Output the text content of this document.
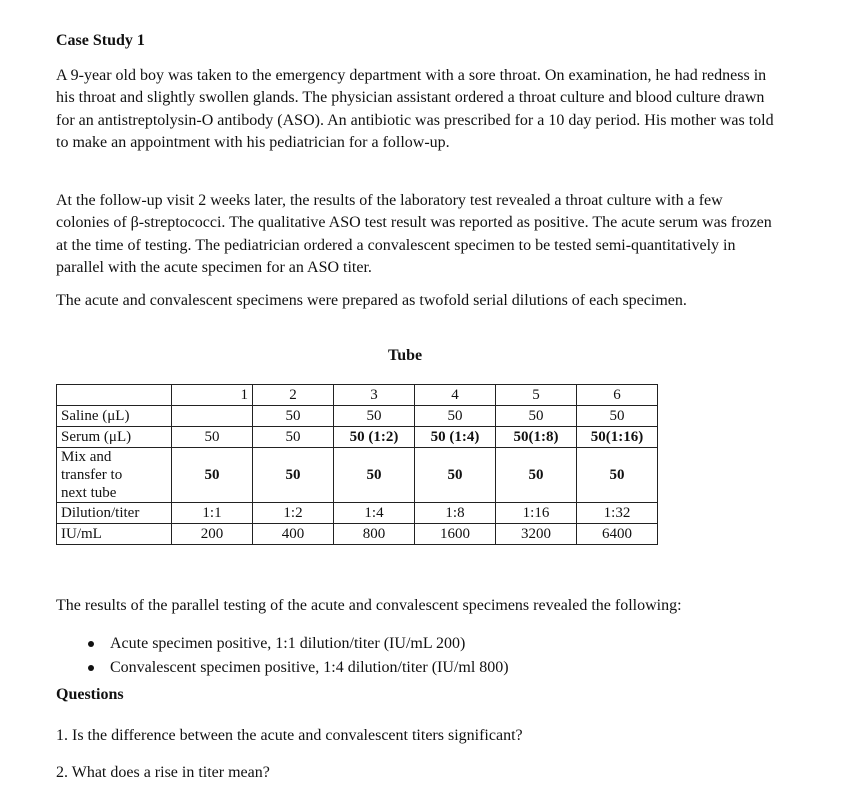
Case Study 1

A 9-year old boy was taken to the emergency department with a sore throat. On examination, he had redness in his throat and slightly swollen glands. The physician assistant ordered a throat culture and blood culture drawn for an antistreptolysin-O antibody (ASO). An antibiotic was prescribed for a 10 day period. His mother was told to make an appointment with his pediatrician for a follow-up.

At the follow-up visit 2 weeks later, the results of the laboratory test revealed a throat culture with a few colonies of β-streptococci. The qualitative ASO test result was reported as positive. The acute serum was frozen at the time of testing. The pediatrician ordered a convalescent specimen to be tested semi-quantitatively in parallel with the acute specimen for an ASO titer.

The acute and convalescent specimens were prepared as twofold serial dilutions of each specimen.

Tube
	1	2	3	4	5	6
Saline (μL)		50	50	50	50	50
Serum (μL)	50	50	50 (1:2)	50 (1:4)	50(1:8)	50(1:16)

Mix and
transfer to
next tube	50	50	50	50	50	50
Dilution/titer	1:1	1:2	1:4	1:8	1:16	1:32
IU/mL	200	400	800	1600	3200	6400
The results of the parallel testing of the acute and convalescent specimens revealed the following:
Acute specimen positive, 1:1 dilution/titer (IU/mL 200)
Convalescent specimen positive, 1:4 dilution/titer (IU/ml 800)
Questions
1. Is the difference between the acute and convalescent titers significant?
2. What does a rise in titer mean?
